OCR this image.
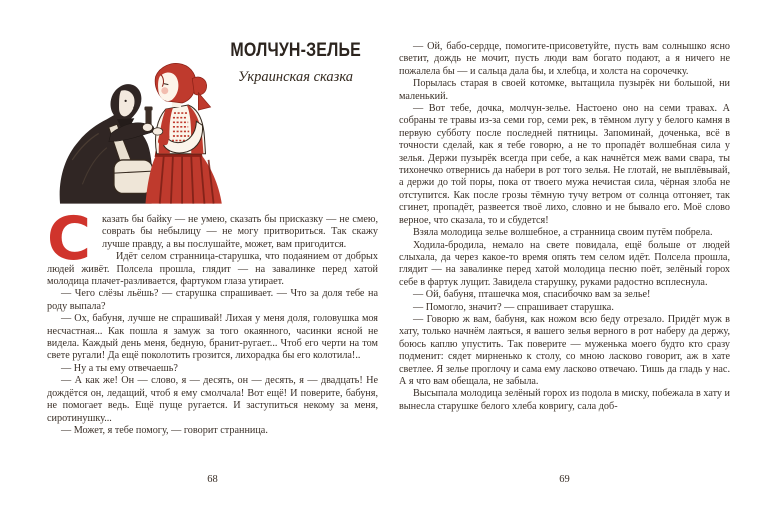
МОЛЧУН-ЗЕЛЬЕ
Украинская сказка

С	казать бы байку — не умею, сказать бы присказку — не смею, соврать бы небылицу — не могу притвориться. Так скажу лучше правду, а вы послушайте, может, вам пригодится.

Идёт селом странница-старушка, что подаянием от добрых людей живёт. Полсела прошла, глядит — на завалинке перед хатой молодица плачет-разливается, фартуком глаза утирает.

— Чего слёзы льёшь? — старушка спрашивает. — Что за доля тебе на роду выпала?

— Ох, бабуня, лучше не спрашивай! Лихая у меня доля, головушка моя несчастная... Как пошла я замуж за того окаянного, часинки ясной не видела. Каждый день меня, бедную, бранит-ругает... Чтоб его черти на том свете ругали! Да ещё поколотить грозится, лихорадка бы его колотила!..

— Ну а ты ему отвечаешь?

— А как же! Он — слово, я — десять, он — десять, я — двадцать! Не дождётся он, ледащий, чтоб я ему смолчала! Вот ещё! И поверите, бабуня, не помогает ведь. Ещё пуще ругается. И заступиться некому за меня, сиротинушку...

— Может, я тебе помогу, — говорит странница.

— Ой, бабо-сердце, помогите-присоветуйте, пусть вам солнышко ясно светит, дождь не мочит, пусть люди вам богато подают, а я ничего не пожалела бы — и сальца дала бы, и хлебца, и холста на сорочечку.

Порылась старая в своей котомке, вытащила пузырёк ни большой, ни маленький.

— Вот тебе, дочка, молчун-зелье. Настоено оно на семи травах. А собраны те травы из-за семи гор, семи рек, в тёмном лугу у белого камня в первую субботу после последней пятницы. Запоминай, доченька, всё в точности сделай, как я тебе говорю, а не то пропадёт волшебная сила у зелья. Держи пузырёк всегда при себе, а как начнётся меж вами свара, ты тихонечко отвернись да набери в рот того зелья. Не глотай, не выплёвывай, а держи до той поры, пока от твоего мужа нечистая сила, чёрная злоба не отступится. Как после грозы тёмную тучу ветром от солнца отгоняет, так сгинет, пропадёт, развеется твоё лихо, словно и не бывало его. Моё слово верное, что сказала, то и сбудется!

Взяла молодица зелье волшебное, а странница своим путём побрела.

Ходила-бродила, немало на свете повидала, ещё больше от людей слыхала, да через какое-то время опять тем селом идёт. Полсела прошла, глядит — на завалинке перед хатой молодица песню поёт, зелёный горох себе в фартук лущит. Завидела старушку, руками радостно всплеснула.

— Ой, бабуня, пташечка моя, спасибочко вам за зелье!

— Помогло, значит? — спрашивает старушка.

— Говорю ж вам, бабуня, как ножом всю беду отрезало. Придёт муж в хату, только начнём лаяться, я вашего зелья верного в рот наберу да держу, боюсь каплю упустить. Так поверите — муженька моего будто кто сразу подменит: сядет мирненько к столу, со мною ласково говорит, аж в хате светлее. Я зелье проглочу и сама ему ласково отвечаю. Тишь да гладь у нас. А я что вам обещала, не забыла.

Высыпала молодица зелёный горох из подола в миску, побежала в хату и вынесла старушке белого хлеба ковригу, сала доб-

68	69
